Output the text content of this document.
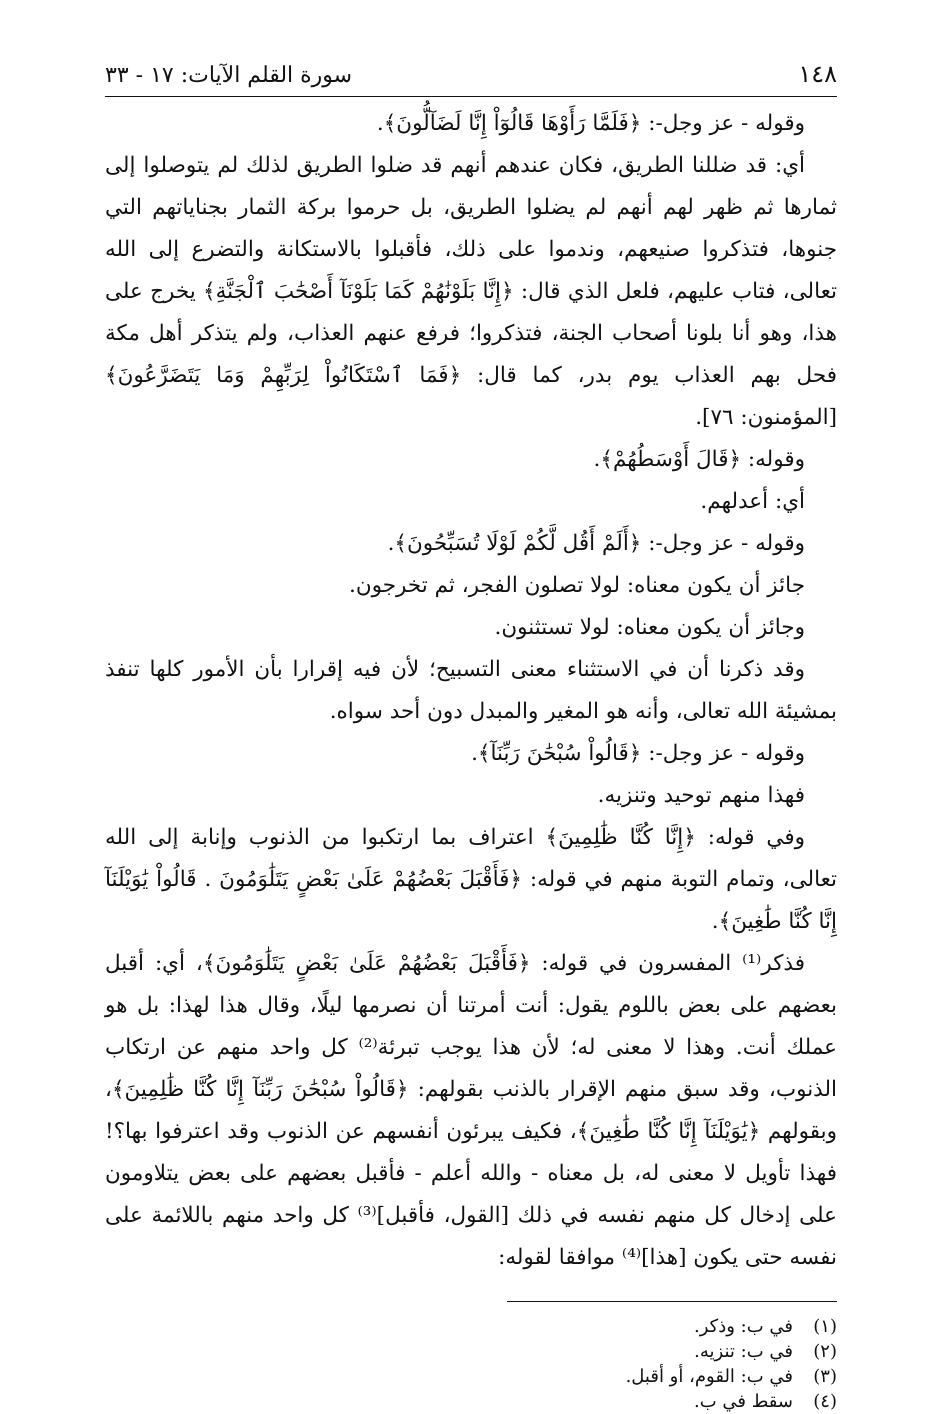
١٤٨
سورة القلم الآيات: ١٧ - ٣٣

وقوله - عز وجل-: ﴿فَلَمَّا رَأَوْهَا قَالُوٓاْ إِنَّا لَضَآلُّونَ﴾.

أي: قد ضللنا الطريق، فكان عندهم أنهم قد ضلوا الطريق لذلك لم يتوصلوا إلى ثمارها ثم ظهر لهم أنهم لم يضلوا الطريق، بل حرموا بركة الثمار بجناياتهم التي جنوها، فتذكروا صنيعهم، وندموا على ذلك، فأقبلوا بالاستكانة والتضرع إلى الله تعالى، فتاب عليهم، فلعل الذي قال: ﴿إِنَّا بَلَوْنَٰهُمْ كَمَا بَلَوْنَآ أَصْحَٰبَ ٱلْجَنَّةِ﴾ يخرج على هذا، وهو أنا بلونا أصحاب الجنة، فتذكروا؛ فرفع عنهم العذاب، ولم يتذكر أهل مكة فحل بهم العذاب يوم بدر، كما قال: ﴿فَمَا ٱسْتَكَانُواْ لِرَبِّهِمْ وَمَا يَتَضَرَّعُونَ﴾ [المؤمنون: ٧٦].

وقوله: ﴿قَالَ أَوْسَطُهُمْ﴾.

أي: أعدلهم.

وقوله - عز وجل-: ﴿أَلَمْ أَقُل لَّكُمْ لَوْلَا تُسَبِّحُونَ﴾.

جائز أن يكون معناه: لولا تصلون الفجر، ثم تخرجون.

وجائز أن يكون معناه: لولا تستثنون.

وقد ذكرنا أن في الاستثناء معنى التسبيح؛ لأن فيه إقرارا بأن الأمور كلها تنفذ بمشيئة الله تعالى، وأنه هو المغير والمبدل دون أحد سواه.

وقوله - عز وجل-: ﴿قَالُواْ سُبْحَٰنَ رَبِّنَآ﴾.

فهذا منهم توحيد وتنزيه.

وفي قوله: ﴿إِنَّا كُنَّا ظَٰلِمِينَ﴾ اعتراف بما ارتكبوا من الذنوب وإنابة إلى الله تعالى، وتمام التوبة منهم في قوله: ﴿فَأَقْبَلَ بَعْضُهُمْ عَلَىٰ بَعْضٍ يَتَلَٰوَمُونَ . قَالُواْ يَٰوَيْلَنَآ إِنَّا كُنَّا طَٰغِينَ﴾.

فذكر⁽¹⁾ المفسرون في قوله: ﴿فَأَقْبَلَ بَعْضُهُمْ عَلَىٰ بَعْضٍ يَتَلَٰوَمُونَ﴾، أي: أقبل بعضهم على بعض باللوم يقول: أنت أمرتنا أن نصرمها ليلًا، وقال هذا لهذا: بل هو عملك أنت. وهذا لا معنى له؛ لأن هذا يوجب تبرئة⁽²⁾ كل واحد منهم عن ارتكاب الذنوب، وقد سبق منهم الإقرار بالذنب بقولهم: ﴿قَالُواْ سُبْحَٰنَ رَبِّنَآ إِنَّا كُنَّا ظَٰلِمِينَ﴾، وبقولهم ﴿يَٰوَيْلَنَآ إِنَّا كُنَّا طَٰغِينَ﴾، فكيف يبرئون أنفسهم عن الذنوب وقد اعترفوا بها؟! فهذا تأويل لا معنى له، بل معناه - والله أعلم - فأقبل بعضهم على بعض يتلاومون على إدخال كل منهم نفسه في ذلك [القول، فأقبل]⁽³⁾ كل واحد منهم باللائمة على نفسه حتى يكون [هذا]⁽⁴⁾ موافقا لقوله:

(١)في ب: وذكر.

(٢)في ب: تنزيه.

(٣)في ب: القوم، أو أقبل.

(٤)سقط في ب.
